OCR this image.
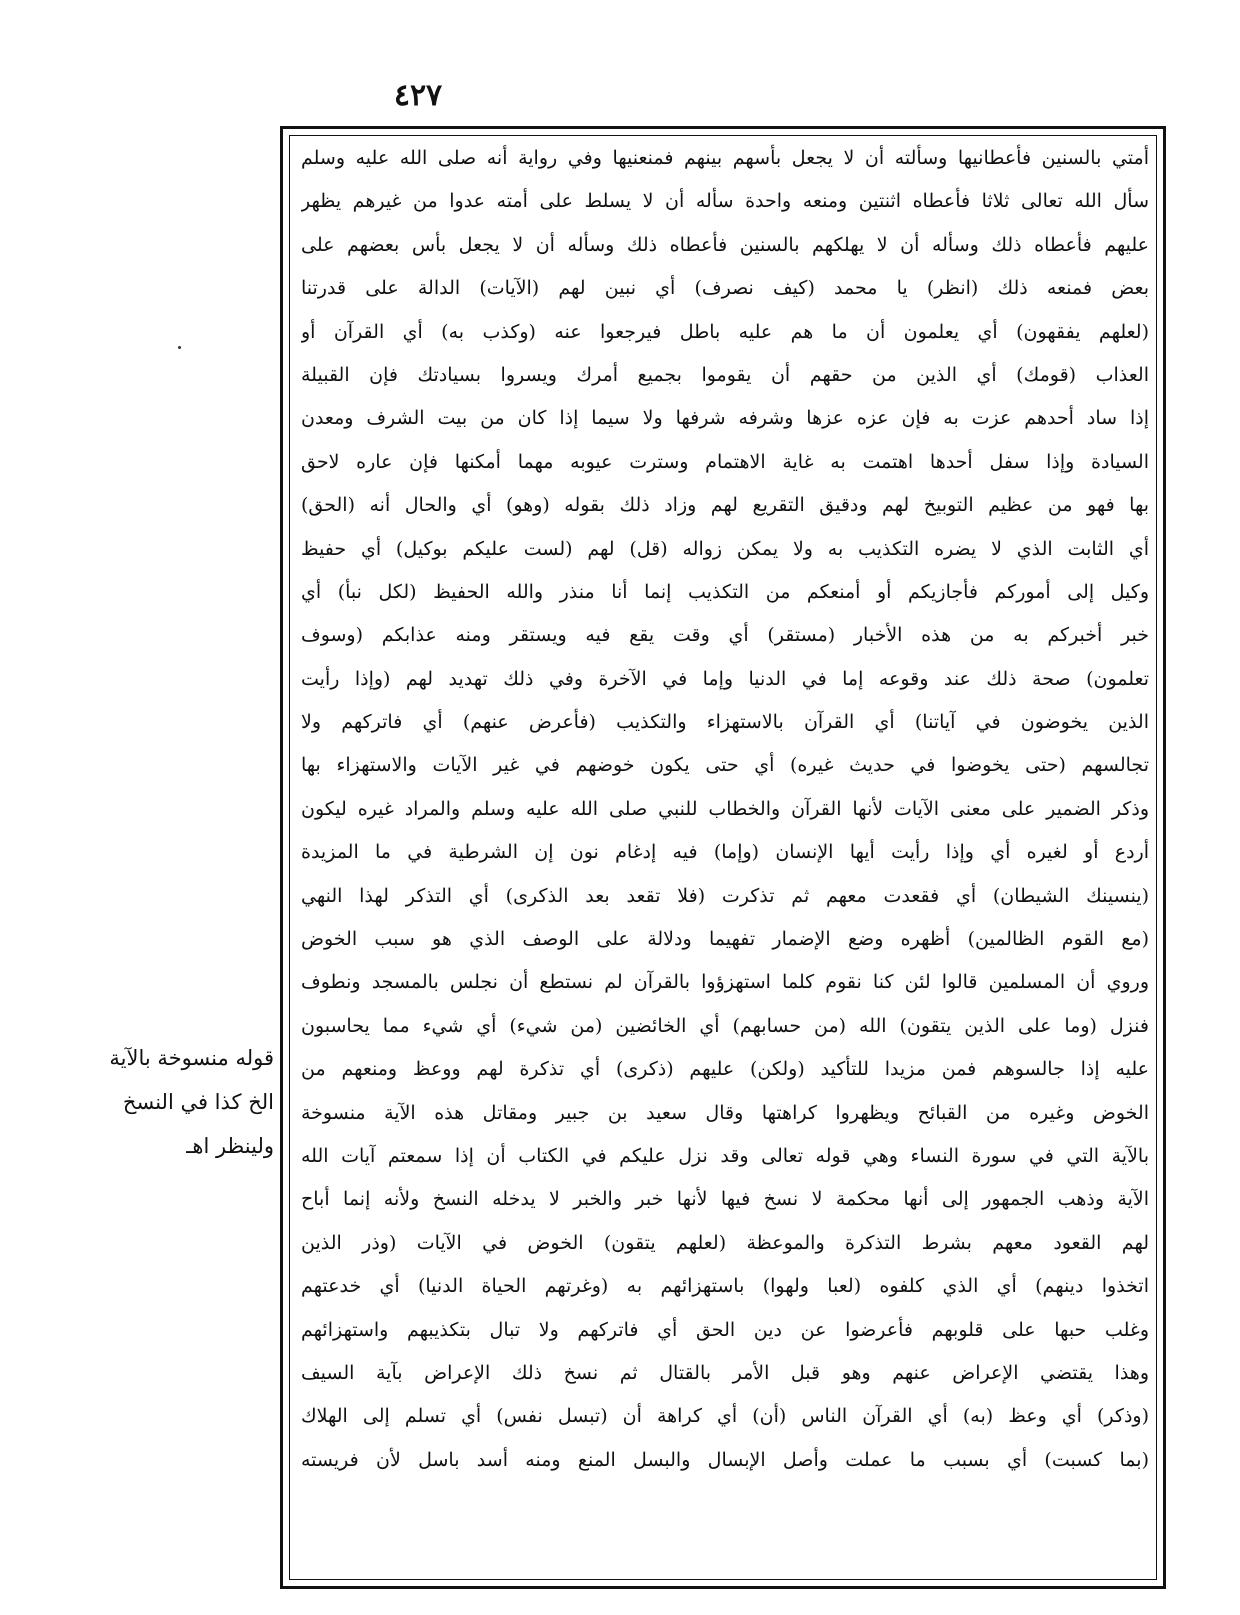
٤٢٧
قوله منسوخة بالآية
الخ كذا في النسخ
ولينظر اهـ
أمتي بالسنين فأعطانيها وسألته أن لا يجعل بأسهم بينهم فمنعنيها وفي رواية أنه صلى الله عليه وسلم
سأل الله تعالى ثلاثا فأعطاه اثنتين ومنعه واحدة سأله أن لا يسلط على أمته عدوا من غيرهم يظهر
عليهم فأعطاه ذلك وسأله أن لا يهلكهم بالسنين فأعطاه ذلك وسأله أن لا يجعل بأس بعضهم على
بعض فمنعه ذلك (انظر) يا محمد (كيف نصرف) أي نبين لهم (الآيات) الدالة على قدرتنا
(لعلهم يفقهون) أي يعلمون أن ما هم عليه باطل فيرجعوا عنه (وكذب به) أي القرآن أو
العذاب (قومك) أي الذين من حقهم أن يقوموا بجميع أمرك ويسروا بسيادتك فإن القبيلة
إذا ساد أحدهم عزت به فإن عزه عزها وشرفه شرفها ولا سيما إذا كان من بيت الشرف ومعدن
السيادة وإذا سفل أحدها اهتمت به غاية الاهتمام وسترت عيوبه مهما أمكنها فإن عاره لاحق
بها فهو من عظيم التوبيخ لهم ودقيق التقريع لهم وزاد ذلك بقوله (وهو) أي والحال أنه (الحق)
أي الثابت الذي لا يضره التكذيب به ولا يمكن زواله (قل) لهم (لست عليكم بوكيل) أي حفيظ
وكيل إلى أموركم فأجازيكم أو أمنعكم من التكذيب إنما أنا منذر والله الحفيظ (لكل نبأ) أي
خبر أخبركم به من هذه الأخبار (مستقر) أي وقت يقع فيه ويستقر ومنه عذابكم (وسوف
تعلمون) صحة ذلك عند وقوعه إما في الدنيا وإما في الآخرة وفي ذلك تهديد لهم (وإذا رأيت
الذين يخوضون في آياتنا) أي القرآن بالاستهزاء والتكذيب (فأعرض عنهم) أي فاتركهم ولا
تجالسهم (حتى يخوضوا في حديث غيره) أي حتى يكون خوضهم في غير الآيات والاستهزاء بها
وذكر الضمير على معنى الآيات لأنها القرآن والخطاب للنبي صلى الله عليه وسلم والمراد غيره ليكون
أردع أو لغيره أي وإذا رأيت أيها الإنسان (وإما) فيه إدغام نون إن الشرطية في ما المزيدة
(ينسينك الشيطان) أي فقعدت معهم ثم تذكرت (فلا تقعد بعد الذكرى) أي التذكر لهذا النهي
(مع القوم الظالمين) أظهره وضع الإضمار تفهيما ودلالة على الوصف الذي هو سبب الخوض
وروي أن المسلمين قالوا لئن كنا نقوم كلما استهزؤوا بالقرآن لم نستطع أن نجلس بالمسجد ونطوف
فنزل (وما على الذين يتقون) الله (من حسابهم) أي الخائضين (من شيء) أي شيء مما يحاسبون
عليه إذا جالسوهم فمن مزيدا للتأكيد (ولكن) عليهم (ذكرى) أي تذكرة لهم ووعظ ومنعهم من
الخوض وغيره من القبائح ويظهروا كراهتها وقال سعيد بن جبير ومقاتل هذه الآية منسوخة
بالآية التي في سورة النساء وهي قوله تعالى وقد نزل عليكم في الكتاب أن إذا سمعتم آيات الله
الآية وذهب الجمهور إلى أنها محكمة لا نسخ فيها لأنها خبر والخبر لا يدخله النسخ ولأنه إنما أباح
لهم القعود معهم بشرط التذكرة والموعظة (لعلهم يتقون) الخوض في الآيات (وذر الذين
اتخذوا دينهم) أي الذي كلفوه (لعبا ولهوا) باستهزائهم به (وغرتهم الحياة الدنيا) أي خدعتهم
وغلب حبها على قلوبهم فأعرضوا عن دين الحق أي فاتركهم ولا تبال بتكذيبهم واستهزائهم
وهذا يقتضي الإعراض عنهم وهو قبل الأمر بالقتال ثم نسخ ذلك الإعراض بآية السيف
(وذكر) أي وعظ (به) أي القرآن الناس (أن) أي كراهة أن (تبسل نفس) أي تسلم إلى الهلاك
(بما كسبت) أي بسبب ما عملت وأصل الإبسال والبسل المنع ومنه أسد باسل لأن فريسته
